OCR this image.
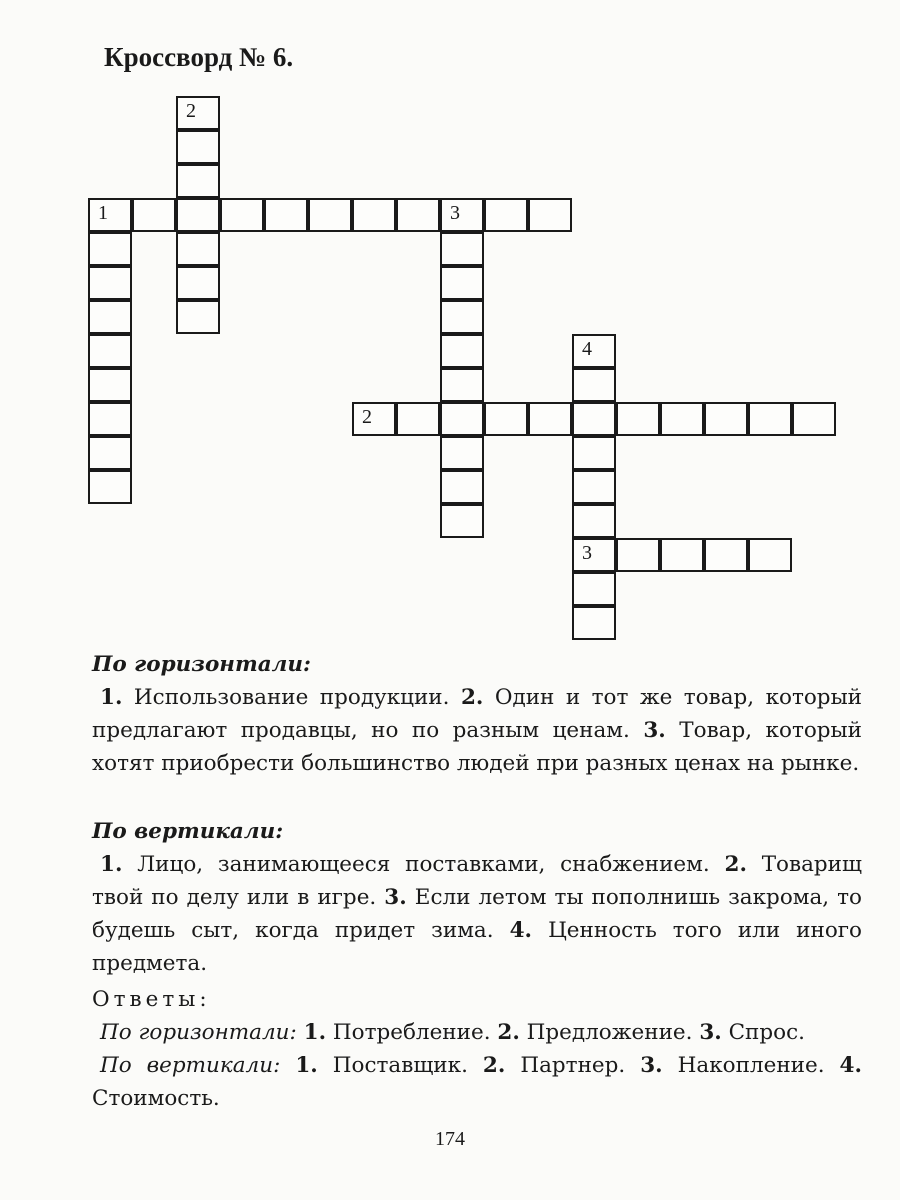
Кроссворд № 6.
1	3
2
4
3
2
По горизонтали:

1. Использование продукции. 2. Один и тот же товар, который предлагают продавцы, но по разным ценам. 3. Товар, который хотят приобрести большинство людей при разных ценах на рынке.

По вертикали:

1. Лицо, занимающееся поставками, снабжением. 2. Товарищ твой по делу или в игре. 3. Если летом ты пополнишь закрома, то будешь сыт, когда придет зима. 4. Ценность того или иного предмета.

Ответы:

По горизонтали: 1. Потребление. 2. Предложение. 3. Спрос.

По вертикали: 1. Поставщик. 2. Партнер. 3. Накопление. 4. Стоимость.

174
